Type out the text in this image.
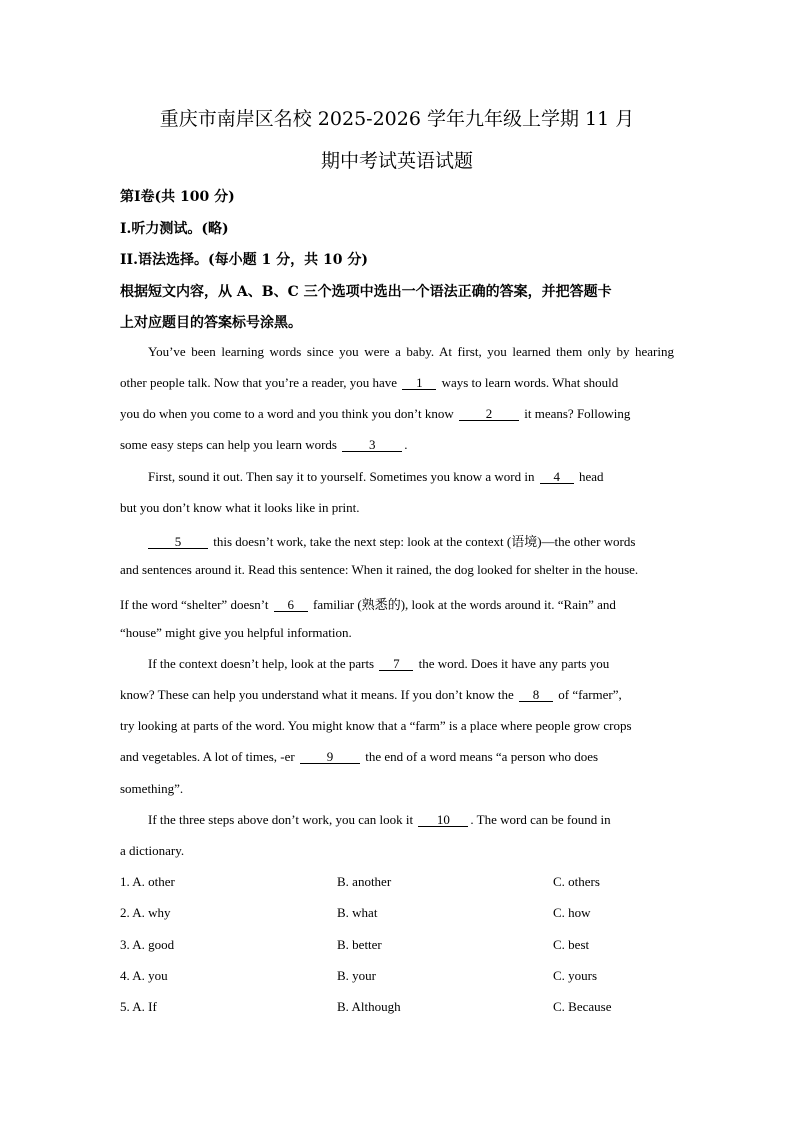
重庆市南岸区名校 2025-2026 学年九年级上学期 11 月
期中考试英语试题
第Ⅰ卷(共 100 分)
I.听力测试。(略)
II.语法选择。(每小题 1 分，共 10 分)
根据短文内容，从 A、B、C 三个选项中选出一个语法正确的答案，并把答题卡
上对应题目的答案标号涂黑。
You’ve been learning words since you were a baby. At first, you learned them only by hearing
other people talk. Now that you’re a reader, you have 1 ways to learn words. What should
you do when you come to a word and you think you don’t know 2 it means? Following
some easy steps can help you learn words 3 .
First, sound it out. Then say it to yourself. Sometimes you know a word in 4 head
but you don’t know what it looks like in print.
5 this doesn’t work, take the next step: look at the context (语境)—the other words
and sentences around it. Read this sentence: When it rained, the dog looked for shelter in the house.
If the word “shelter” doesn’t 6 familiar (熟悉的), look at the words around it. “Rain” and
“house” might give you helpful information.
If the context doesn’t help, look at the parts 7 the word. Does it have any parts you
know? These can help you understand what it means. If you don’t know the 8 of “farmer”,
try looking at parts of the word. You might know that a “farm” is a place where people grow crops
and vegetables. A lot of times, -er 9 the end of a word means “a person who does
something”.
If the three steps above don’t work, you can look it 10 . The word can be found in
a dictionary.
1. A. other	B. another	C. others
2. A. why	B. what	C. how
3. A. good	B. better	C. best
4. A. you	B. your	C. yours
5. A. If	B. Although	C. Because
